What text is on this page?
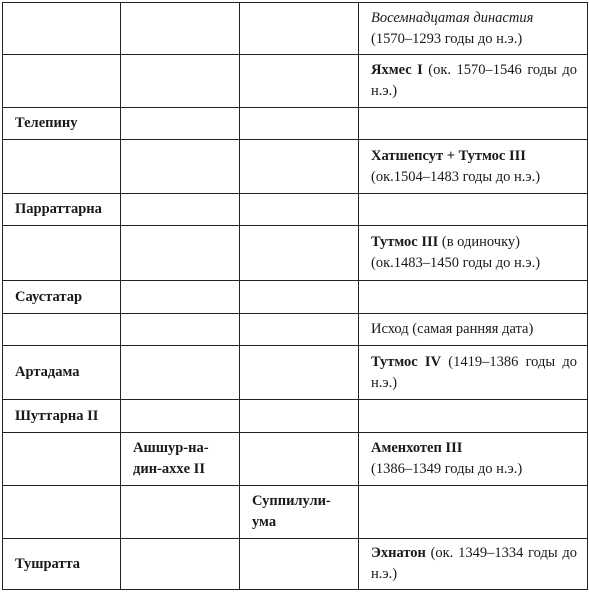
			Восемнадцатая династия
(1570–1293 годы до н.э.)
			Яхмес I (ок. 1570–1546 годы до н.э.)
Телепину			
			Хатшепсут + Тутмос III
(ок.1504–1483 годы до н.э.)
Парраттарна			
			Тутмос III (в одиночку) (ок.1483–1450 годы до н.э.)
Саустатар			
			Исход (самая ранняя дата)
Артадама			Тутмос IV (1419–1386 годы до н.э.)
Шуттарна II			
	Ашшур-на-дин-ахxe II		Аменхотеп III
(1386–1349 годы до н.э.)
		Суппилули-ума	
Тушратта			Эхнатон (ок. 1349–1334 годы до н.э.)
